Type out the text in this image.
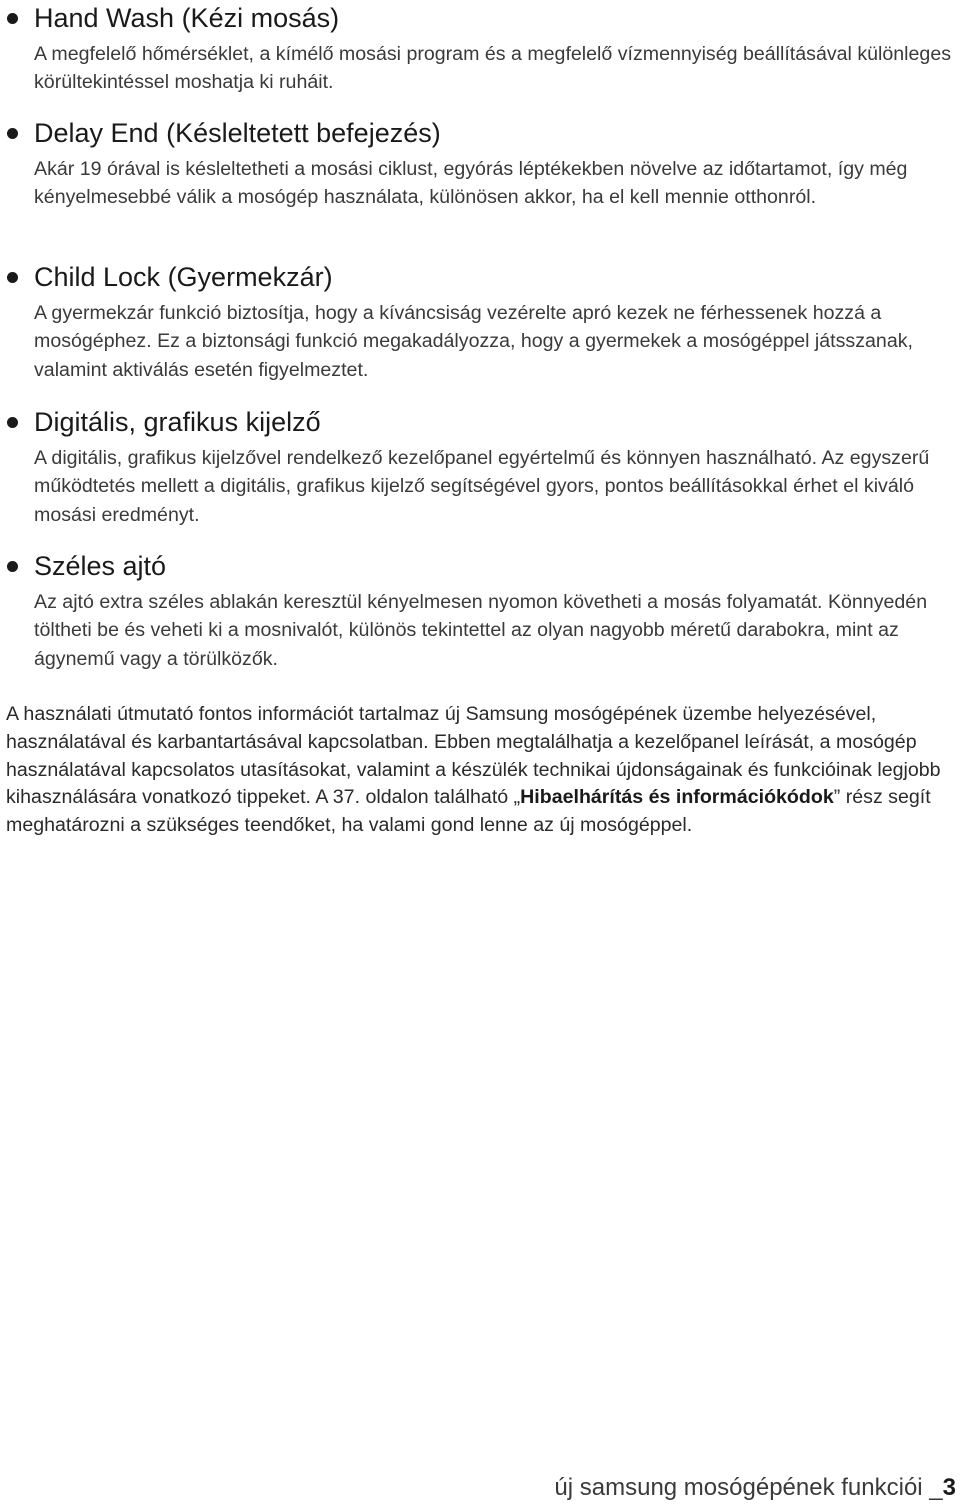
Hand Wash (Kézi mosás)
A megfelelő hőmérséklet, a kímélő mosási program és a megfelelő vízmennyiség beállításával különleges körültekintéssel moshatja ki ruháit.
Delay End (Késleltetett befejezés)
Akár 19 órával is késleltetheti a mosási ciklust, egyórás léptékekben növelve az időtartamot, így még kényelmesebbé válik a mosógép használata, különösen akkor, ha el kell mennie otthonról.
Child Lock (Gyermekzár)
A gyermekzár funkció biztosítja, hogy a kíváncsiság vezérelte apró kezek ne férhessenek hozzá a mosógéphez. Ez a biztonsági funkció megakadályozza, hogy a gyermekek a mosógéppel játsszanak, valamint aktiválás esetén figyelmeztet.
Digitális, grafikus kijelző
A digitális, grafikus kijelzővel rendelkező kezelőpanel egyértelmű és könnyen használható. Az egyszerű működtetés mellett a digitális, grafikus kijelző segítségével gyors, pontos beállításokkal érhet el kiváló mosási eredményt.
Széles ajtó
Az ajtó extra széles ablakán keresztül kényelmesen nyomon követheti a mosás folyamatát. Könnyedén töltheti be és veheti ki a mosnivalót, különös tekintettel az olyan nagyobb méretű darabokra, mint az ágynemű vagy a törülközők.

A használati útmutató fontos információt tartalmaz új Samsung mosógépének üzembe helyezésével, használatával és karbantartásával kapcsolatban. Ebben megtalálhatja a kezelőpanel leírását, a mosógép használatával kapcsolatos utasításokat, valamint a készülék technikai újdonságainak és funkcióinak legjobb kihasználására vonatkozó tippeket. A 37. oldalon található „Hibaelhárítás és információkódok” rész segít meghatározni a szükséges teendőket, ha valami gond lenne az új mosógéppel.

új samsung mosógépének funkciói _3
